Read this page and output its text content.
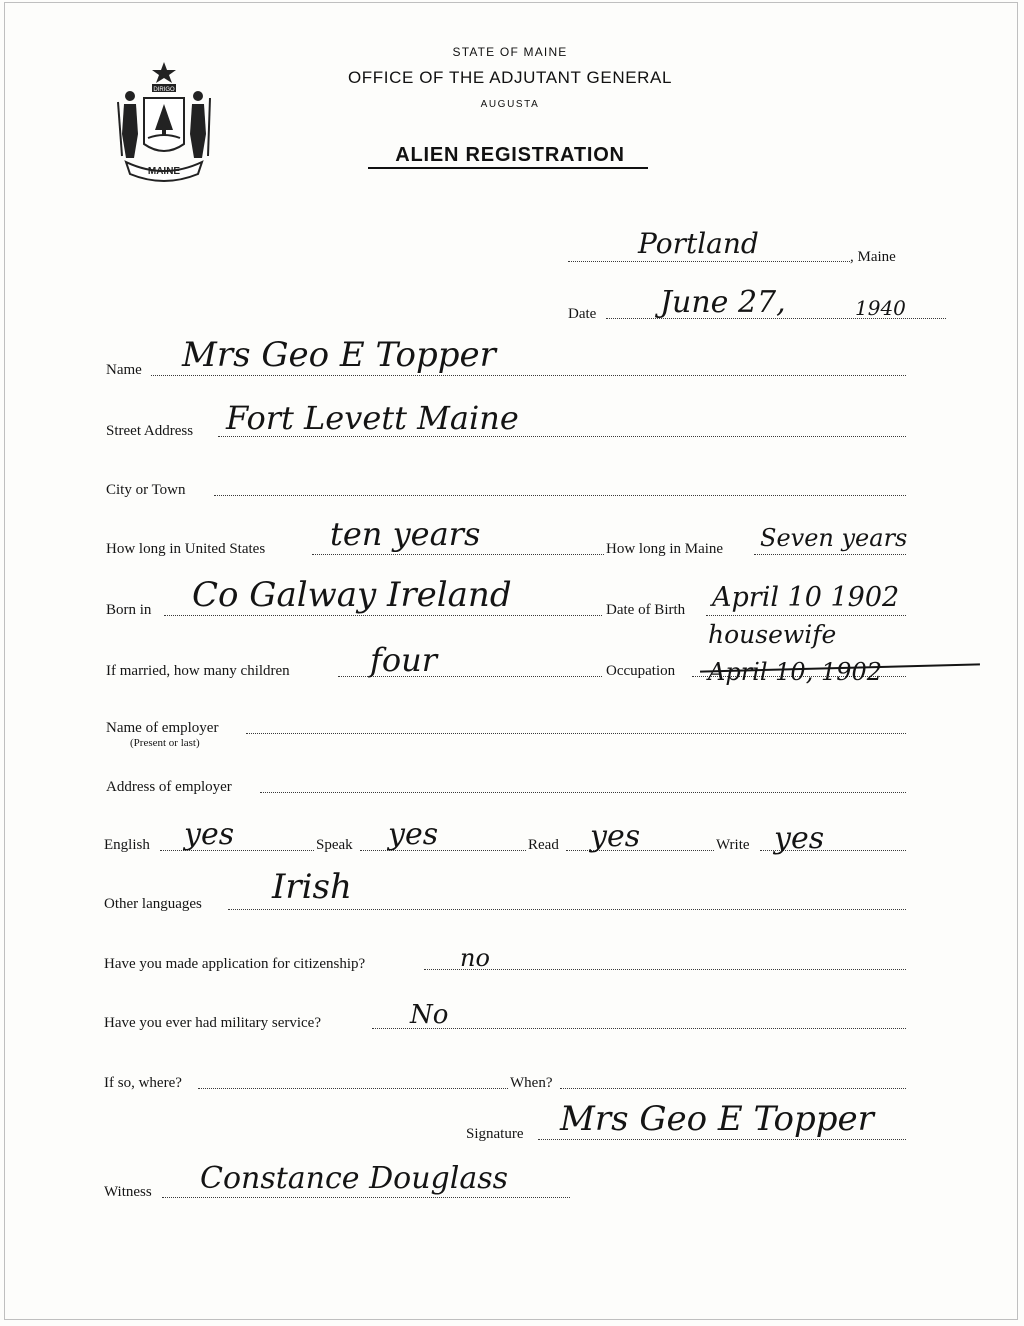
DIRIGO
MAINE
STATE OF MAINE
OFFICE OF THE ADJUTANT GENERAL
AUGUSTA
ALIEN REGISTRATION
Portland	, Maine
Date June 27,	1940
Name Mrs Geo E Topper
Street Address Fort Levett Maine
City or Town
How long in United States ten years	How long in Maine Seven years
Born in Co Galway Ireland	Date of Birth April 10 1902
If married, how many children	four	Occupation
housewife
April 10, 1902
Name of employer
(Present or last)
Address of employer
English yes	Speak yes	Read yes	Write yes
Other languages Irish
Have you made application for citizenship?	no
Have you ever had military service?	No
If so, where?	When?
Signature Mrs Geo E Topper
Witness Constance Douglass
